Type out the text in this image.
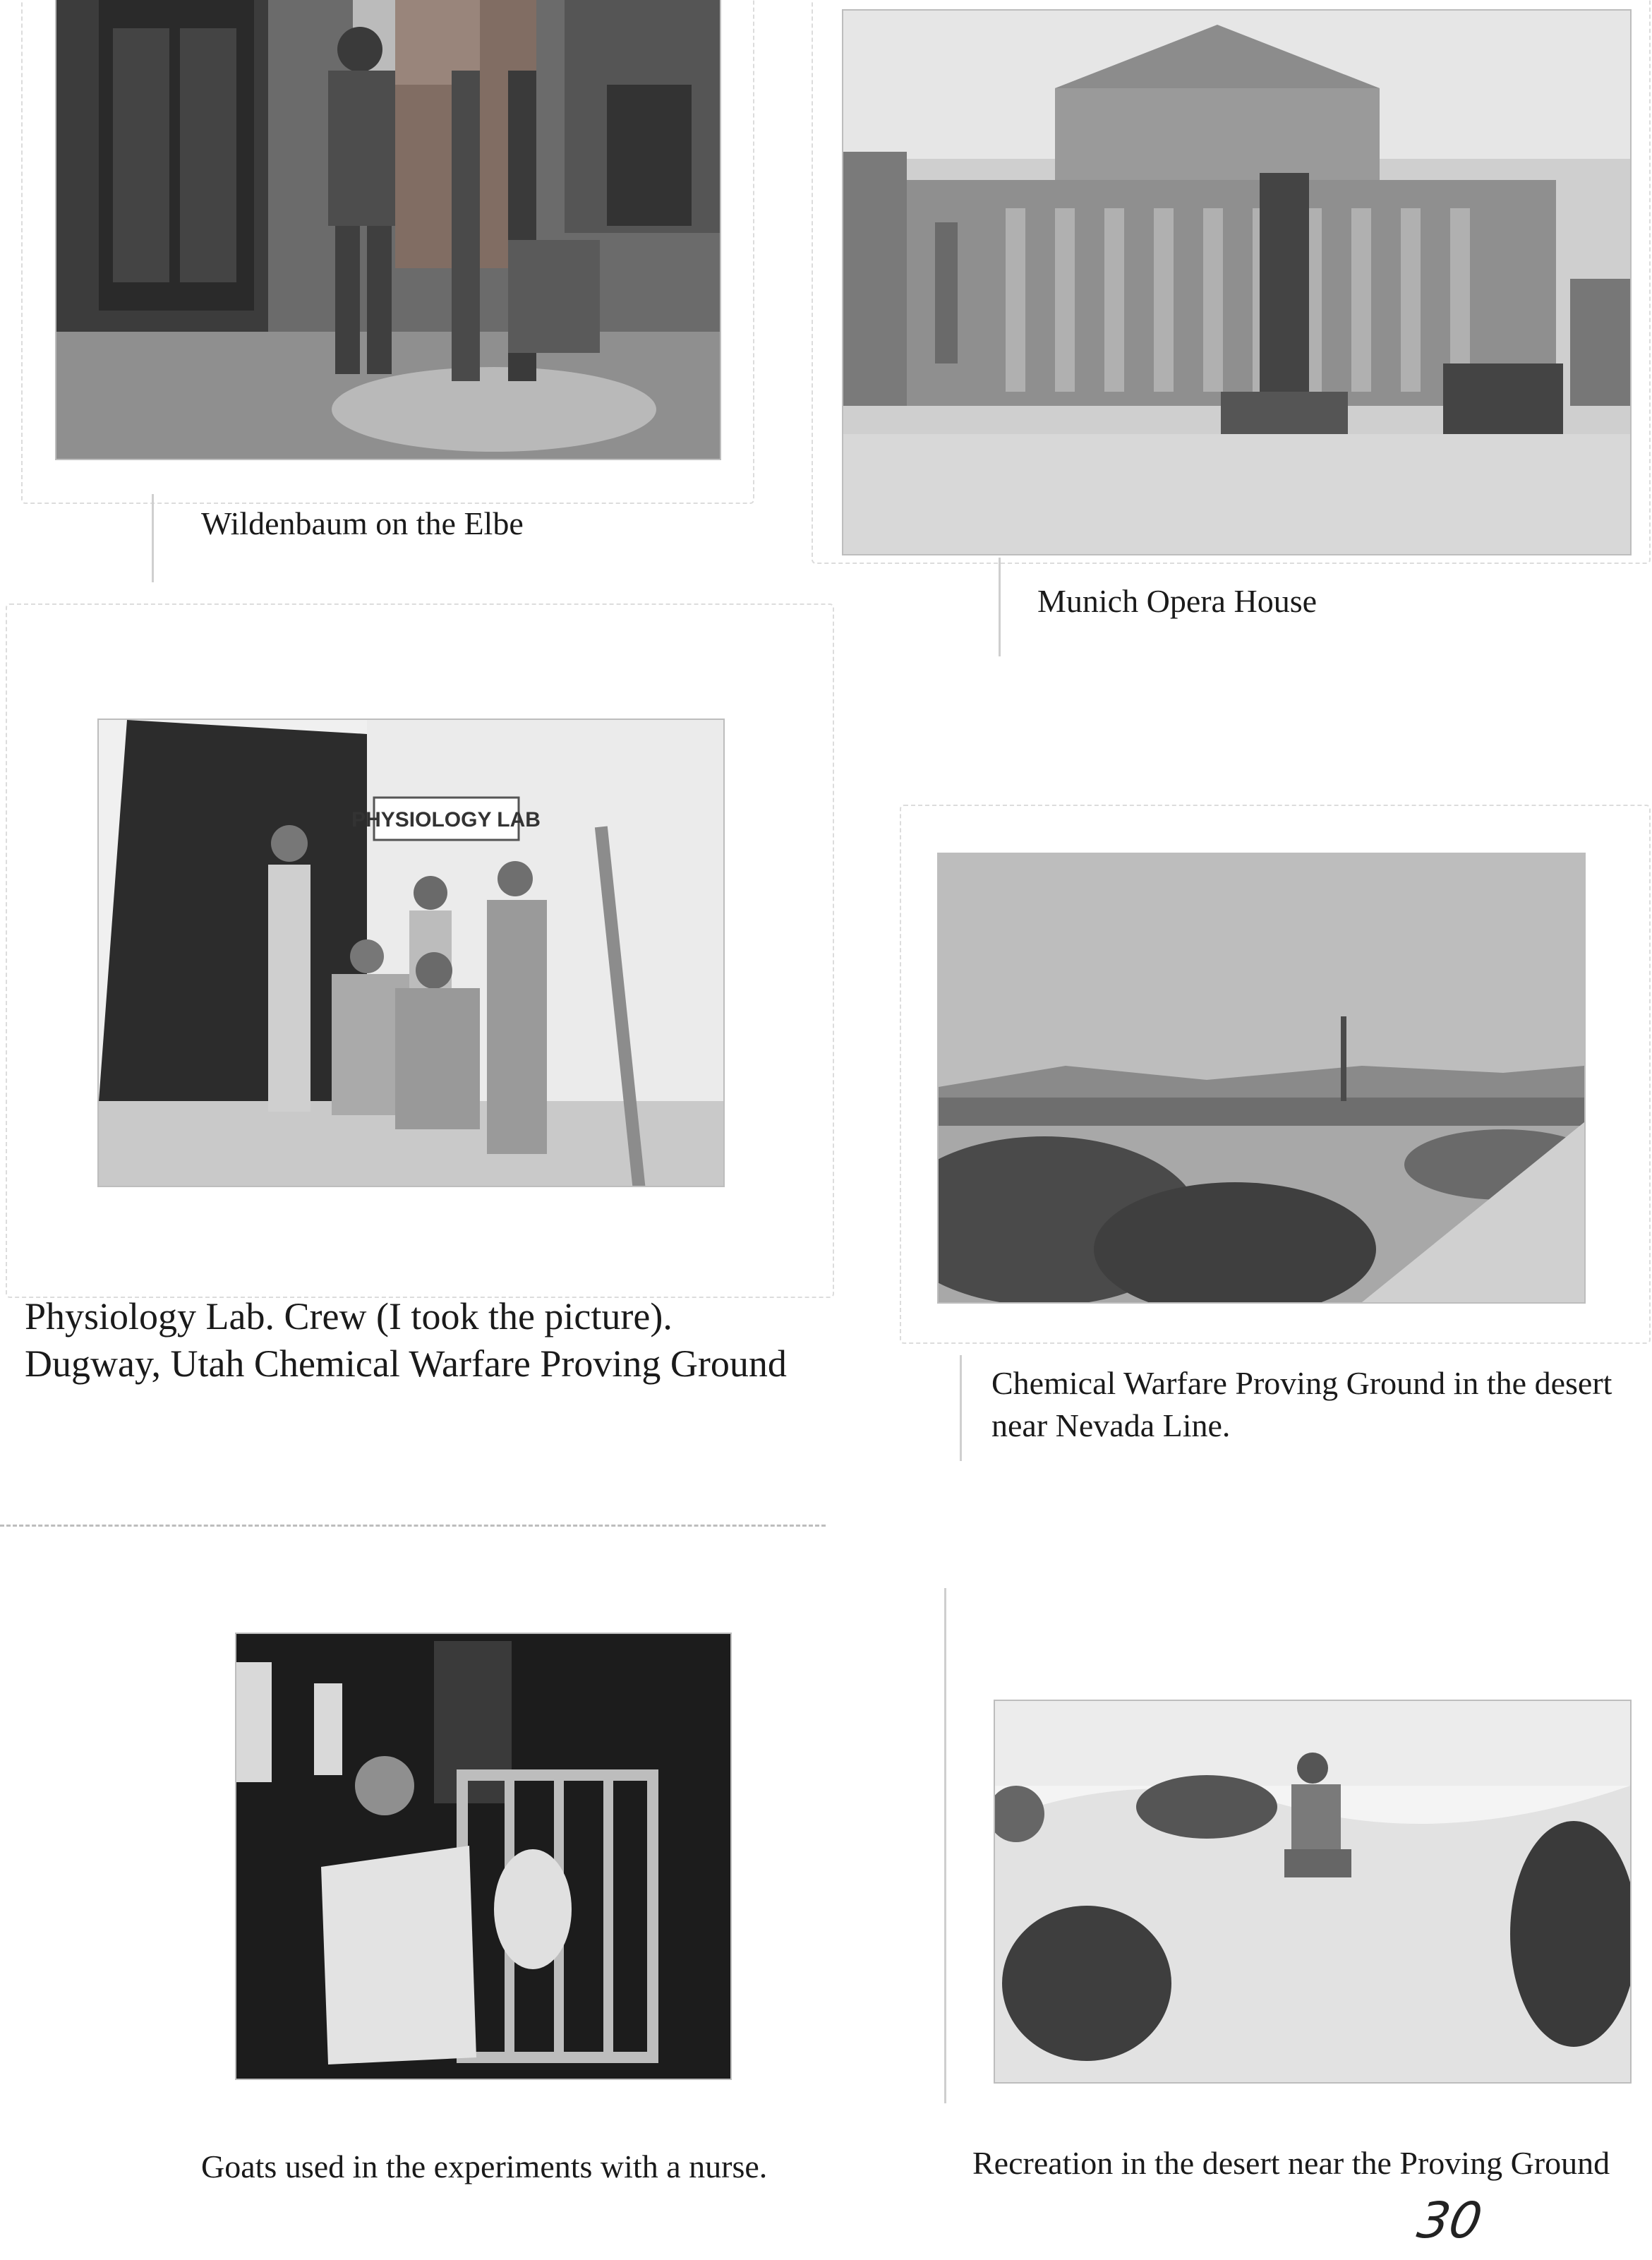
Wildenbaum on the Elbe
Munich Opera House
PHYSIOLOGY LAB
Physiology Lab. Crew (I took the picture).
Dugway, Utah Chemical Warfare Proving Ground	Chemical Warfare Proving Ground in the desert
near Nevada Line.
Goats used in the experiments with a nurse.	Recreation in the desert near the Proving Ground
30
